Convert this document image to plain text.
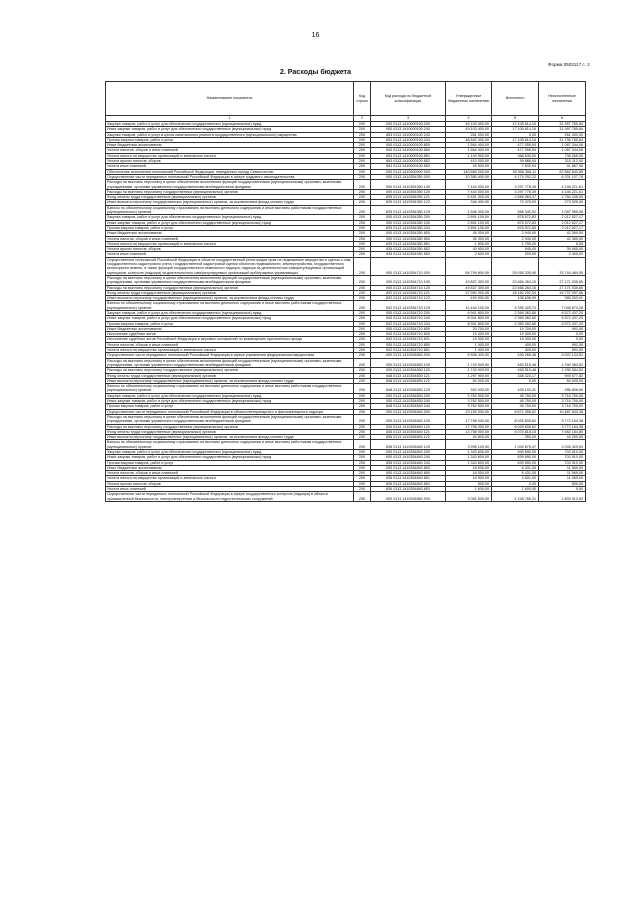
16
Форма 0503117 с. 2
2. Расходы бюджета
Наименование показателя	Код строки	Код расхода по бюджетной классификации	Утвержденные бюджетные назначения	Исполнено	Неисполненные назначения
1	2	3	4	5	6
Закупка товаров, работ и услуг для обеспечения государственных (муниципальных) нужд	200	000 0113 1410000100 200	49 103 400,00	17 105 614,16	31 997 785,84
Иные закупки товаров, работ и услуг для обеспечения государственных (муниципальных) нужд	200	000 0113 1410000100 240	49 103 400,00	17 105 614,16	31 997 785,84
Закупка товаров, работ и услуг в целях капитального ремонта государственного (муниципального) имущества	200	853 0113 1410000100 243	261 000,00	0,00	261 000,00
Прочая закупка товаров, работ и услуг	200	853 0113 1410000100 244	48 842 400,00	17 105 614,16	31 736 785,84
Иные бюджетные ассигнования	200	000 0113 1410000100 800	1 564 400,00	477 055,94	1 087 344,06
Уплата налогов, сборов и иных платежей	200	000 0113 1410000100 850	1 564 400,00	477 055,94	1 087 344,06
Уплата налога на имущество организаций и земельного налога	200	853 0113 1410000100 851	1 104 900,00	368 635,00	736 265,00
Уплата прочих налогов, сборов	200	853 0113 1410000100 852	410 000,00	99 888,00	310 112,00
Уплата иных платежей	200	853 0113 1410000100 853	49 500,00	7 632,94	41 867,06
Обеспечение исполнения полномочий Российской Федерации, переданных городу Севастополю	200	000 0113 1410300000 000	140 669 200,00	53 006 356,11	87 662 843,89
Осуществление части переданных полномочий Российской Федерации в сфере трудового законодательства	200	000 0113 1410354350 000	10 380 400,00	4 179 292,22	6 201 107,78
Расходы на выплаты персоналу в целях обеспечения выполнения функций государственными (муниципальными) органами, казенными учреждениями, органами управления государственными внебюджетными фондами	200	000 0113 1410354350 100	7 444 000,00	3 297 778,38	4 146 221,61
Расходы на выплаты персоналу государственных (муниципальных) органов	200	000 0113 1410354350 120	7 444 000,00	3 297 778,39	4 146 221,61
Фонд оплаты труда государственных (муниципальных) органов	200	835 0113 1410354350 121	5 451 300,00	2 666 963,47	2 784 336,53
Иные выплаты персоналу государственных (муниципальных) органов, за исключением фонда оплаты труда	200	835 0113 1410354350 122	346 400,00	72 475,00	273 925,00
Взносы по обязательному социальному страхованию на выплаты денежного содержания и иные выплаты работникам государственных (муниципальных) органов	200	835 0113 1410354350 129	1 646 300,00	558 340,92	1 087 959,08
Закупка товаров, работ и услуг для обеспечения государственных (муниципальных) нужд	200	000 0113 1410354350 200	2 891 100,00	878 572,83	2 012 527,17
Иные закупки товаров, работ и услуг для обеспечения государственных (муниципальных) нужд	200	000 0113 1410354350 240	2 891 100,00	878 572,83	2 012 527,17
Прочая закупка товаров, работ и услуг	200	835 0113 1410354350 244	2 891 100,00	878 572,83	2 012 527,17
Иные бюджетные ассигнования	200	000 0113 1410354350 800	45 300,00	2 940,00	42 360,00
Уплата налогов, сборов и иных платежей	200	000 0113 1410354350 850	45 300,00	2 940,00	42 360,00
Уплата налога на имущество организаций и земельного налога	200	835 0113 1410354350 851	1 800,00	1 795,00	5,00
Уплата прочих налогов, сборов	200	835 0113 1410354350 852	40 900,00	945,00	39 955,00
Уплата иных платежей	200	835 0113 1410354350 853	2 600,00	200,00	2 400,00
Осуществление полномочий Российской Федерации в области государственной регистрации прав на недвижимое имущество и сделок с ним, государственного кадастрового учета, государственной кадастровой оценки объектов недвижимости, землеустройства, государственного мониторинга земель, а также функций государственного земельного надзора, надзора за деятельностью саморегулируемых организаций оценщиков, контроля (надзора) за деятельностью саморегулируемых организаций арбитражных управляющих	200	000 0113 1410354710 000	58 799 800,00	25 055 335,95	33 744 464,05
Расходы на выплаты персоналу в целях обеспечения выполнения функций государственными (муниципальными) органами, казенными учреждениями, органами управления государственными внебюджетными фондами	200	000 0113 1410354710 100	49 837 300,00	22 666 264,15	27 171 035,85
Расходы на выплаты персоналу государственных (муниципальных) органов	200	000 0113 1410354710 120	49 837 300,00	22 666 264,15	27 171 035,85
Фонд оплаты труда государственных (муниципальных) органов	200	832 0113 1410354710 121	37 990 300,00	18 162 202,34	19 737 097,66
Иные выплаты персоналу государственных (муниципальных) органов, за исключением фонда оплаты труда	200	832 0113 1410354710 122	493 900,00	108 636,09	385 263,91
Взносы по обязательному социальному страхованию на выплаты денежного содержания и иные выплаты работникам государственных (муниципальных) органов	200	832 0113 1410354710 129	11 444 100,00	4 395 425,72	7 048 674,28
Закупка товаров, работ и услуг для обеспечения государственных (муниципальных) нужд	200	000 0113 1410354710 200	8 941 800,00	2 369 362,80	6 572 437,20
Иные закупки товаров, работ и услуг для обеспечения государственных (муниципальных) нужд	200	000 0113 1410354710 240	8 941 800,00	2 369 362,80	6 572 437,20
Прочая закупка товаров, работ и услуг	200	832 0113 1410354710 244	8 941 800,00	2 369 362,80	6 572 437,20
Иные бюджетные ассигнования	200	000 0113 1410354710 800	20 700,00	19 709,00	991,00
Исполнение судебных актов	200	000 0113 1410354710 830	19 300,00	19 300,00	0,00
Исполнение судебных актов Российской Федерации и мировых соглашений по возмещению причиненного вреда	200	832 0113 1410354710 831	19 300,00	19 300,00	0,00
Уплата налогов, сборов и иных платежей	200	000 0113 1410354710 850	1 400,00	409,00	991,00
Уплата налога на имущество организаций и земельного налога	200	832 0113 1410354710 851	1 400,00	409,00	991,00
Осуществление части переданных полномочий Российской Федерации в сфере управления федеральным имуществом	200	000 0113 1410354830 000	5 506 400,00	499 265,48	5 007 134,52
Расходы на выплаты персоналу в целях обеспечения выполнения функций государственными (муниципальными) органами, казенными учреждениями, органами управления государственными внебюджетными фондами	200	000 0113 1410354830 100	1 743 900,00	453 515,48	1 290 384,52
Расходы на выплаты персоналу государственных (муниципальных) органов	200	000 0113 1410354830 120	1 743 900,00	453 515,48	1 290 384,52
Фонд оплаты труда государственных (муниципальных) органов	200	848 0113 1410354830 121	1 297 900,00	348 322,17	949 577,83
Иные выплаты персоналу государственных (муниципальных) органов, за исключением фонда оплаты труда	200	848 0113 1410354830 122	54 000,00	0,00	54 000,00
Взносы по обязательному социальному страхованию на выплаты денежного содержания и иные выплаты работникам государственных (муниципальных) органов	200	848 0113 1410354830 129	392 000,00	105 193,31	286 806,69
Закупка товаров, работ и услуг для обеспечения государственных (муниципальных) нужд	200	000 0113 1410354830 200	3 762 500,00	45 750,00	3 716 750,00
Иные закупки товаров, работ и услуг для обеспечения государственных (муниципальных) нужд	200	000 0113 1410354830 240	3 762 500,00	45 750,00	3 716 750,00
Прочая закупка товаров, работ и услуг	200	848 0113 1410354830 244	3 762 500,00	45 750,00	3 716 750,00
Осуществление части переданных полномочий Российской Федерации в области ветеринарного и фитосанитарного надзора	200	000 0113 1410354840 000	19 159 000,00	8 671 356,62	10 487 643,38
Расходы на выплаты персоналу в целях обеспечения выполнения функций государственными (муниципальными) органами, казенными учреждениями, органами управления государственными внебюджетными фондами	200	000 0113 1410354840 100	17 798 000,00	8 025 835,62	9 772 164,38
Расходы на выплаты персоналу государственных (муниципальных) органов	200	000 0113 1410354840 120	17 798 000,00	8 025 835,62	9 772 164,38
Фонд оплаты труда государственных (муниципальных) органов	200	836 0113 1410354840 121	13 758 000,00	6 075 815,15	7 682 184,85
Иные выплаты персоналу государственных (муниципальных) органов, за исключением фонда оплаты труда	200	836 0113 1410354840 122	44 600,00	350,00	44 250,00
Взносы по обязательному социальному страхованию на выплаты денежного содержания и иные выплаты работникам государственных (муниципальных) органов	200	836 0113 1410354840 129	3 995 100,00	1 949 670,47	2 045 429,53
Закупка товаров, работ и услуг для обеспечения государственных (муниципальных) нужд	200	000 0113 1410354840 200	1 343 600,00	639 690,00	703 910,00
Иные закупки товаров, работ и услуг для обеспечения государственных (муниципальных) нужд	200	000 0113 1410354840 240	1 343 600,00	639 690,00	703 910,00
Прочая закупка товаров, работ и услуг	200	836 0113 1410354840 244	1 343 600,00	639 690,00	703 910,00
Иные бюджетные ассигнования	200	000 0113 1410354840 800	18 000,00	6 431,00	11 569,00
Уплата налогов, сборов и иных платежей	200	000 0113 1410354840 850	18 000,00	6 431,00	11 569,00
Уплата налога на имущество организаций и земельного налога	200	836 0113 1410354840 851	15 900,00	4 831,00	11 069,00
Уплата прочих налогов, сборов	200	836 0113 1410354840 852	500,00	0,00	500,00
Уплата иных платежей	200	836 0113 1410354840 853	1 600,00	1 600,00	0,00
Осуществление части переданных полномочий Российской Федерации в сфере государственного контроля (надзора) в области промышленной безопасности, электроэнергетики и безопасности гидротехнических сооружений	200	000 0113 1410354850 000	3 051 600,00	1 248 786,31	1 803 013,69
